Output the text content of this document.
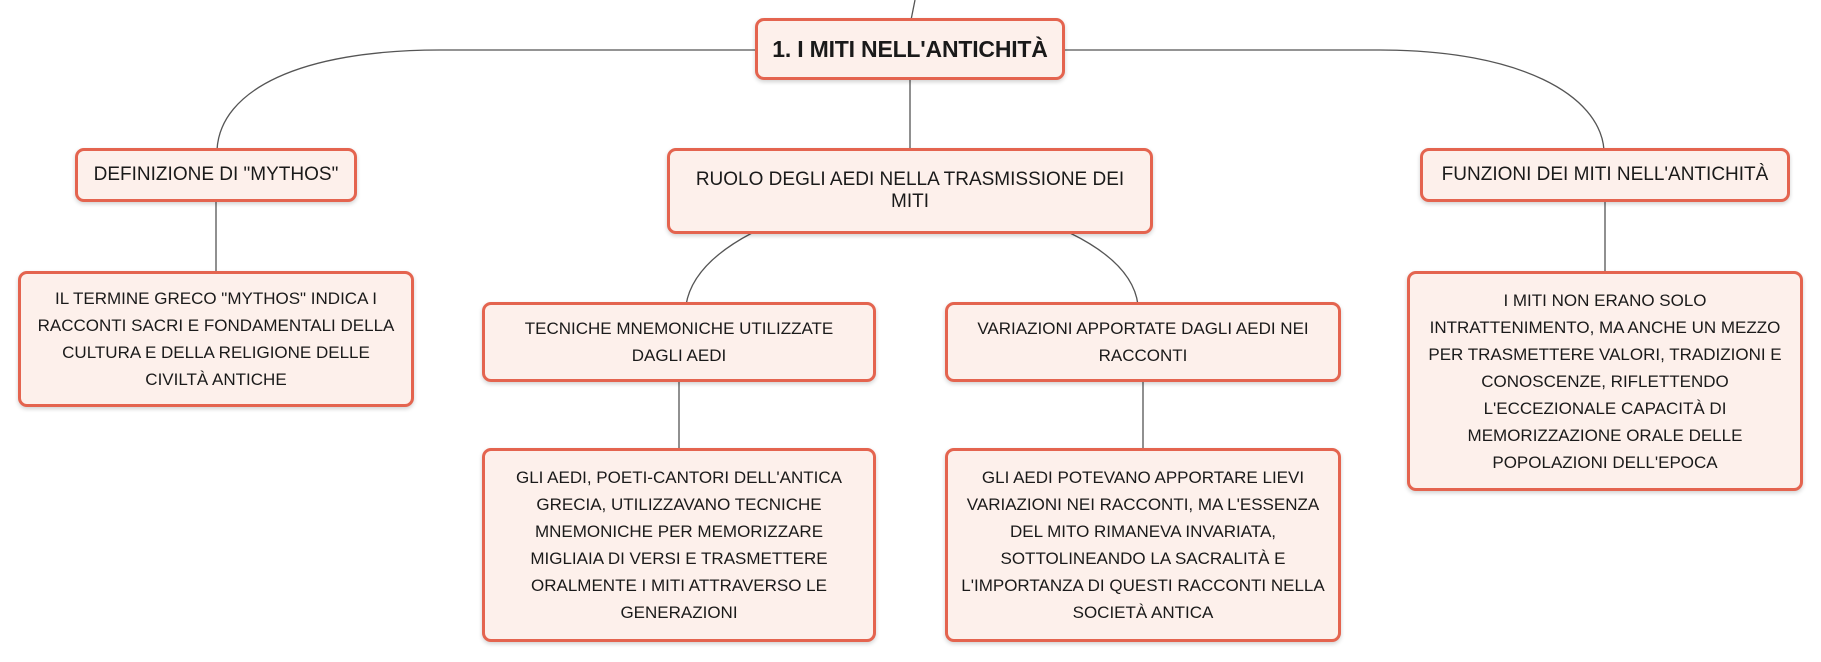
1. I MITI NELL'ANTICHITÀ
DEFINIZIONE DI "MYTHOS"
IL TERMINE GRECO "MYTHOS" INDICA I RACCONTI SACRI E FONDAMENTALI DELLA CULTURA E DELLA RELIGIONE DELLE CIVILTÀ ANTICHE
RUOLO DEGLI AEDI NELLA TRASMISSIONE DEI MITI
TECNICHE MNEMONICHE UTILIZZATE DAGLI AEDI
GLI AEDI, POETI-CANTORI DELL'ANTICA GRECIA, UTILIZZAVANO TECNICHE MNEMONICHE PER MEMORIZZARE MIGLIAIA DI VERSI E TRASMETTERE ORALMENTE I MITI ATTRAVERSO LE GENERAZIONI
VARIAZIONI APPORTATE DAGLI AEDI NEI RACCONTI
GLI AEDI POTEVANO APPORTARE LIEVI VARIAZIONI NEI RACCONTI, MA L'ESSENZA DEL MITO RIMANEVA INVARIATA, SOTTOLINEANDO LA SACRALITÀ E L'IMPORTANZA DI QUESTI RACCONTI NELLA SOCIETÀ ANTICA
FUNZIONI DEI MITI NELL'ANTICHITÀ
I MITI NON ERANO SOLO INTRATTENIMENTO, MA ANCHE UN MEZZO PER TRASMETTERE VALORI, TRADIZIONI E CONOSCENZE, RIFLETTENDO L'ECCEZIONALE CAPACITÀ DI MEMORIZZAZIONE ORALE DELLE POPOLAZIONI DELL'EPOCA
